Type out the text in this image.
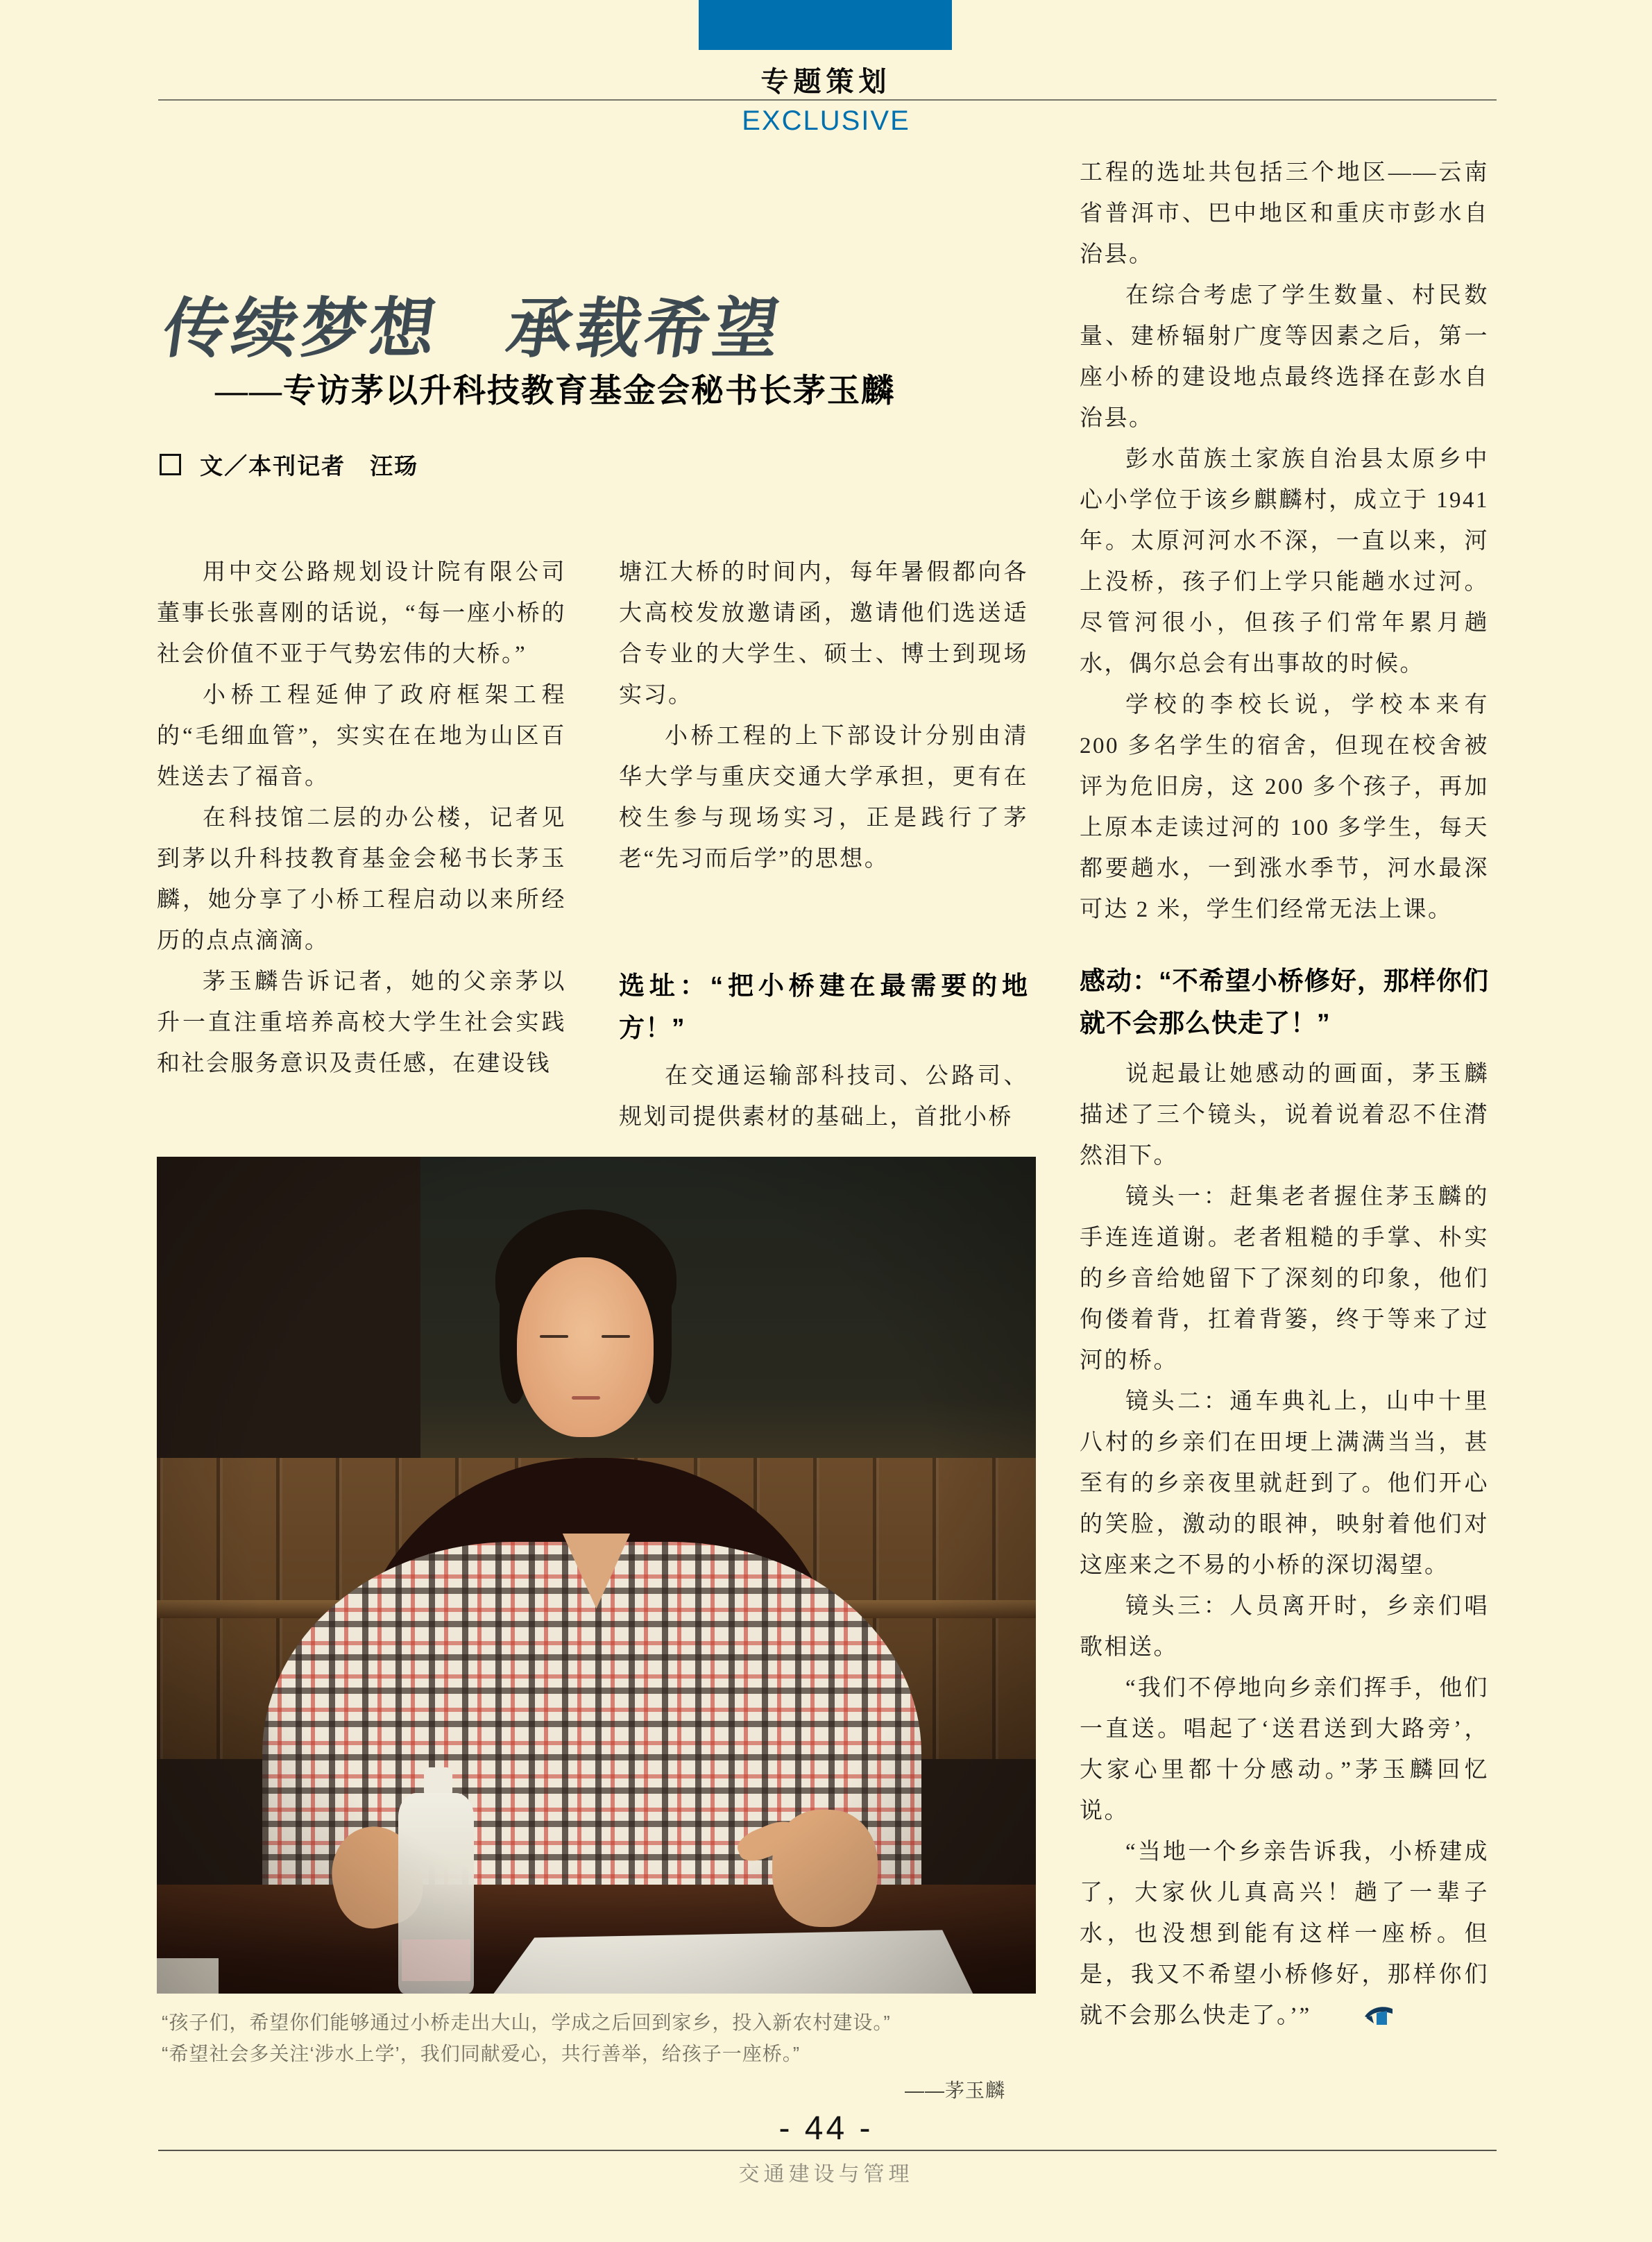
专题策划
EXCLUSIVE
传续梦想　承载希望
——专访茅以升科技教育基金会秘书长茅玉麟
文／本刊记者　汪玚

用中交公路规划设计院有限公司董事长张喜刚的话说，“每一座小桥的社会价值不亚于气势宏伟的大桥。”

小桥工程延伸了政府框架工程的“毛细血管”，实实在在地为山区百姓送去了福音。

在科技馆二层的办公楼，记者见到茅以升科技教育基金会秘书长茅玉麟，她分享了小桥工程启动以来所经历的点点滴滴。

茅玉麟告诉记者，她的父亲茅以升一直注重培养高校大学生社会实践和社会服务意识及责任感，在建设钱

塘江大桥的时间内，每年暑假都向各大高校发放邀请函，邀请他们选送适合专业的大学生、硕士、博士到现场实习。

小桥工程的上下部设计分别由清华大学与重庆交通大学承担，更有在校生参与现场实习，正是践行了茅老“先习而后学”的思想。

选址：“把小桥建在最需要的地方！”

在交通运输部科技司、公路司、规划司提供素材的基础上，首批小桥

工程的选址共包括三个地区——云南省普洱市、巴中地区和重庆市彭水自治县。

在综合考虑了学生数量、村民数量、建桥辐射广度等因素之后，第一座小桥的建设地点最终选择在彭水自治县。

彭水苗族土家族自治县太原乡中心小学位于该乡麒麟村，成立于 1941 年。太原河河水不深，一直以来，河上没桥，孩子们上学只能趟水过河。尽管河很小，但孩子们常年累月趟水，偶尔总会有出事故的时候。

学校的李校长说，学校本来有 200 多名学生的宿舍，但现在校舍被评为危旧房，这 200 多个孩子，再加上原本走读过河的 100 多学生，每天都要趟水，一到涨水季节，河水最深可达 2 米，学生们经常无法上课。

感动：“不希望小桥修好，那样你们就不会那么快走了！”

说起最让她感动的画面，茅玉麟描述了三个镜头，说着说着忍不住潸然泪下。

镜头一：赶集老者握住茅玉麟的手连连道谢。老者粗糙的手掌、朴实的乡音给她留下了深刻的印象，他们佝偻着背，扛着背篓，终于等来了过河的桥。

镜头二：通车典礼上，山中十里八村的乡亲们在田埂上满满当当，甚至有的乡亲夜里就赶到了。他们开心的笑脸，激动的眼神，映射着他们对这座来之不易的小桥的深切渴望。

镜头三：人员离开时，乡亲们唱歌相送。

“我们不停地向乡亲们挥手，他们一直送。唱起了‘送君送到大路旁’，大家心里都十分感动。”茅玉麟回忆说。

“当地一个乡亲告诉我，小桥建成了，大家伙儿真高兴！趟了一辈子水，也没想到能有这样一座桥。但是，我又不希望小桥修好，那样你们就不会那么快走了。’”

“孩子们，希望你们能够通过小桥走出大山，学成之后回到家乡，投入新农村建设。”

“希望社会多关注‘涉水上学’，我们同献爱心，共行善举，给孩子一座桥。”

——茅玉麟

- 44 -
交通建设与管理
